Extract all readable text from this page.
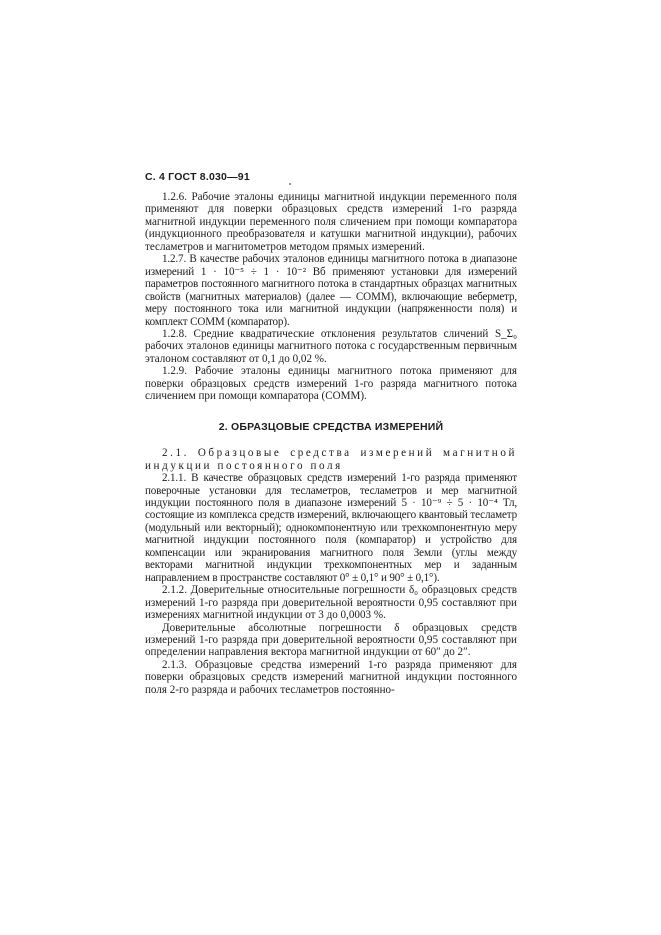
С. 4 ГОСТ 8.030—91

1.2.6. Рабочие эталоны единицы магнитной индукции переменного поля применяют для поверки образцовых средств измерений 1-го разряда магнитной индукции переменного поля сличением при помощи компаратора (индукционного преобразователя и катушки магнитной индукции), рабочих тесламетров и магнитометров методом прямых измерений.

1.2.7. В качестве рабочих эталонов единицы магнитного потока в диапазоне измерений 1 · 10⁻⁵ ÷ 1 · 10⁻² Вб применяют установки для измерений параметров постоянного магнитного потока в стандартных образцах магнитных свойств (магнитных материалов) (далее — СОММ), включающие веберметр, меру постоянного тока или магнитной индукции (напряженности поля) и комплект СОММ (компаратор).

1.2.8. Средние квадратические отклонения результатов сличений S_Σ₀ рабочих эталонов единицы магнитного потока с государственным первичным эталоном составляют от 0,1 до 0,02 %.

1.2.9. Рабочие эталоны единицы магнитного потока применяют для поверки образцовых средств измерений 1-го разряда магнитного потока сличением при помощи компаратора (СОММ).

2. ОБРАЗЦОВЫЕ СРЕДСТВА ИЗМЕРЕНИЙ

2.1. Образцовые средства измерений магнитной индукции постоянного поля

2.1.1. В качестве образцовых средств измерений 1-го разряда применяют поверочные установки для тесламетров, тесламетров и мер магнитной индукции постоянного поля в диапазоне измерений 5 · 10⁻⁹ ÷ 5 · 10⁻⁴ Тл, состоящие из комплекса средств измерений, включающего квантовый тесламетр (модульный или векторный); однокомпонентную или трехкомпонентную меру магнитной индукции постоянного поля (компаратор) и устройство для компенсации или экранирования магнитного поля Земли (углы между векторами магнитной индукции трехкомпонентных мер и заданным направлением в пространстве составляют 0° ± 0,1° и 90° ± 0,1°).

2.1.2. Доверительные относительные погрешности δ₀ образцовых средств измерений 1-го разряда при доверительной вероятности 0,95 составляют при измерениях магнитной индукции от 3 до 0,0003 %.

Доверительные абсолютные погрешности δ образцовых средств измерений 1-го разряда при доверительной вероятности 0,95 составляют при определении направления вектора магнитной индукции от 60″ до 2″.

2.1.3. Образцовые средства измерений 1-го разряда применяют для поверки образцовых средств измерений магнитной индукции постоянного поля 2-го разряда и рабочих тесламетров постоянно-
